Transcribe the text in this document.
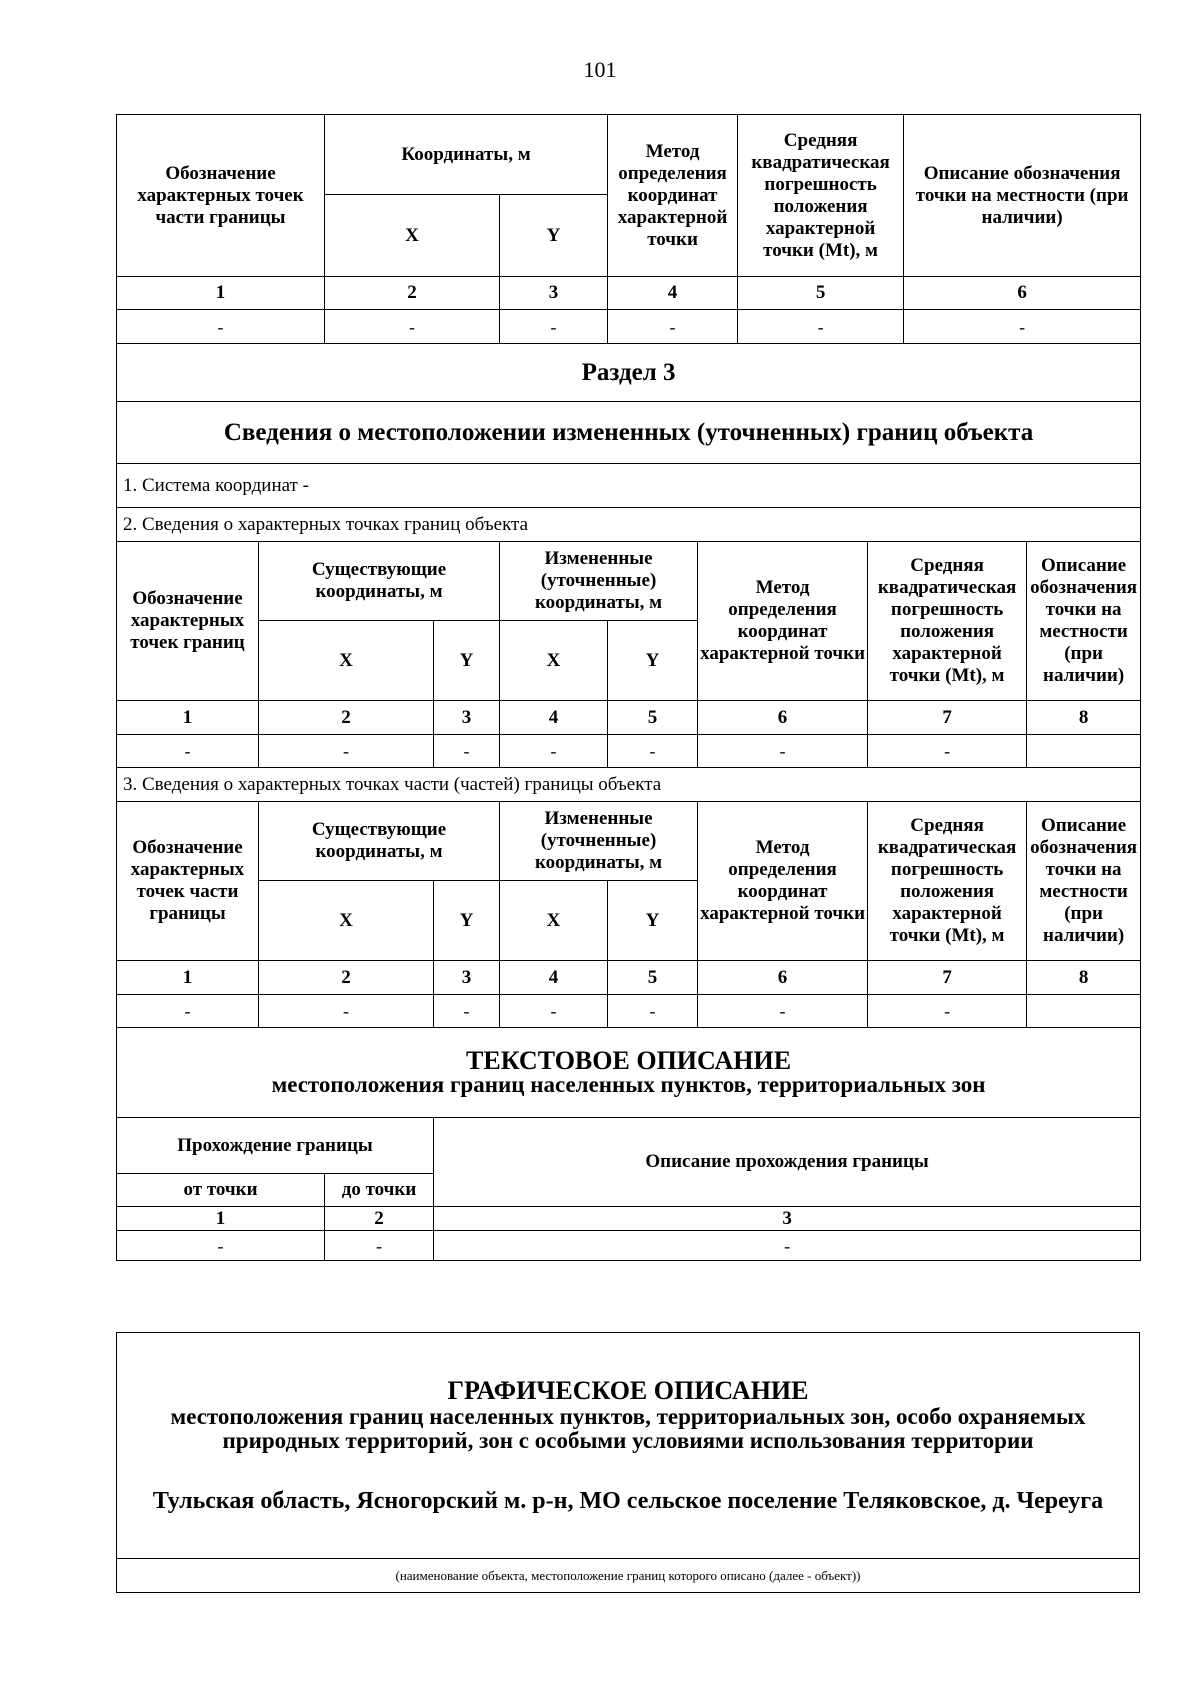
101
Обозначение характерных точек части границы		Координаты, м			Метод определения координат характерной точки		Средняя квадратическая погрешность положения характерной точки (Mt), м		Описание обозначения точки на местности (при наличии)	
		X		Y						
1		2		3	4		5		6	
-		-		-	-		-		-	
Раздел 3										
Сведения о местоположении измененных (уточненных) границ объекта										
1. Система координат -										
2. Сведения о характерных точках границ объекта										
Обозначение характерных точек границ	Существующие координаты, м			Измененные (уточненные) координаты, м		Метод определения координат характерной точки		Средняя квадратическая погрешность положения характерной точки (Mt), м		Описание обозначения точки на местности (при наличии)
	X		Y	X	Y					
1	2		3	4	5	6		7		8
-	-		-	-	-	-		-		
3. Сведения о характерных точках части (частей) границы объекта										
Обозначение характерных точек части границы	Существующие координаты, м			Измененные (уточненные) координаты, м		Метод определения координат характерной точки		Средняя квадратическая погрешность положения характерной точки (Mt), м		Описание обозначения точки на местности (при наличии)
	X		Y	X	Y					
1	2		3	4	5	6		7		8
-	-		-	-	-	-		-		

ТЕКСТОВОЕ ОПИСАНИЕ
местоположения границ населенных пунктов, территориальных зон										

Прохождение границы			Описание прохождения границы							
от точки		до точки								
1		2	3							
-		-	-							
ГРАФИЧЕСКОЕ ОПИСАНИЕ
местоположения границ населенных пунктов, территориальных зон, особо охраняемых природных территорий, зон с особыми условиями использования территории
Тульская область, Ясногорский м. р-н, МО сельское поселение Теляковское, д. Череуга

(наименование объекта, местоположение границ которого описано (далее - объект))
